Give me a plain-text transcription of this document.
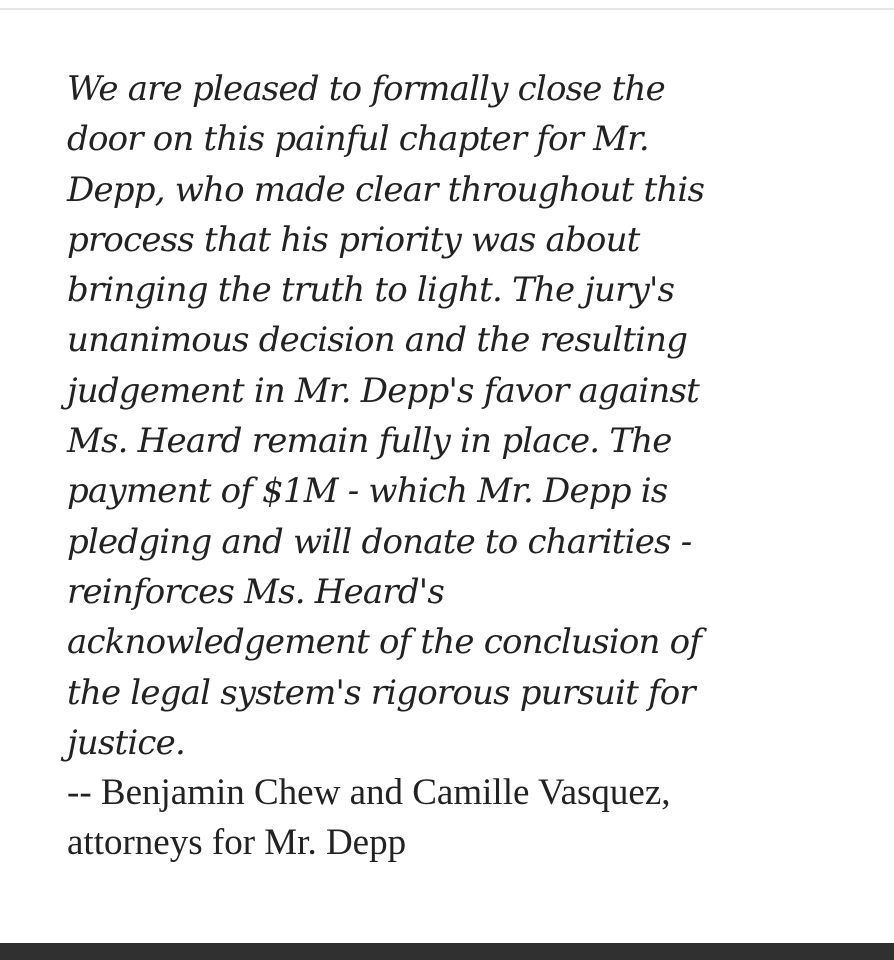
We are pleased to formally close the
door on this painful chapter for Mr.
Depp, who made clear throughout this
process that his priority was about
bringing the truth to light. The jury's
unanimous decision and the resulting
judgement in Mr. Depp's favor against
Ms. Heard remain fully in place. The
payment of $1M - which Mr. Depp is
pledging and will donate to charities -
reinforces Ms. Heard's
acknowledgement of the conclusion of
the legal system's rigorous pursuit for
justice.

-- Benjamin Chew and Camille Vasquez,
attorneys for Mr. Depp
